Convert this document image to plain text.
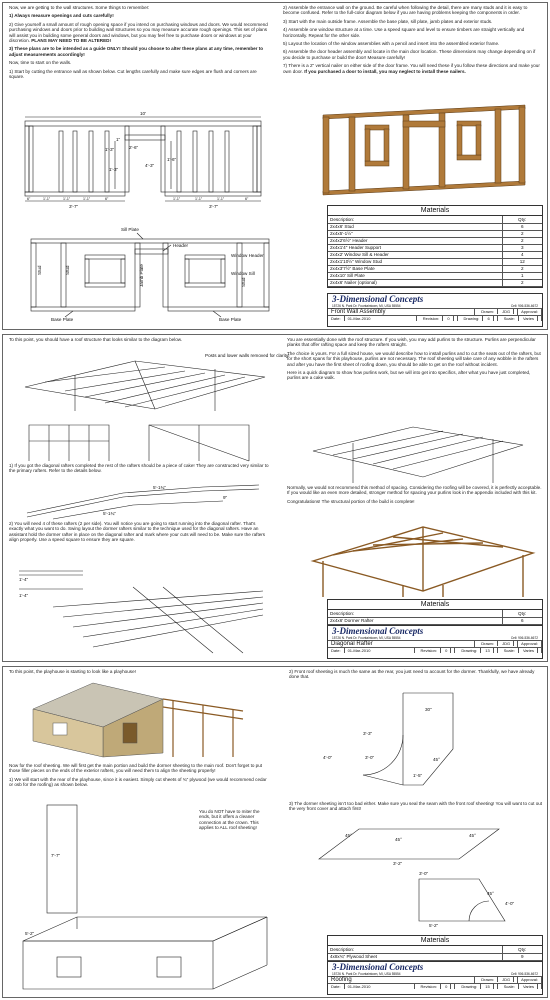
Now, we are getting to the wall structures. Some things to remember:

1) Always measure openings and cuts carefully!

2) Give yourself a small amount of rough opening space if you intend on purchasing windows and doors. We would recommend purchasing windows and doors prior to building wall structures so you may measure accurate rough openings. This set of plans will assist you in building some general doors and windows, but you may feel free to purchase doors or windows at your discretion. PLANS MAY NEED TO BE ALTERED!

3) These plans are to be intended as a guide ONLY! Should you choose to alter these plans at any time, remember to adjust measurements accordingly!

Now, time to start on the walls.

1) Start by cutting the entrance wall as shown below. Cut lengths carefully and make sure edges are flush and corners are square.

10'
1'-3"	2'-6"
1"
1'-6"
4'-3"
1'-3"
6"	1'-1"	1'-1"	1'-1"	6"
3'-7"
1'-1"	1'-1"	1'-1"	6"
3'-7"
Sill Plate
Header
Window Header
Window Sill
Stud	Stud	Jamb Plate	Stud
Base Plate	Base Plate

2) Assemble the entrance wall on the ground. Be careful when following the detail, there are many studs and it is easy to become confused. Refer to the full-color diagram below if you are having problems keeping the components in order.

3) Start with the main outside frame. Assemble the base plate, sill plate, jamb plates and exterior studs.

4) Assemble one window structure at a time. Use a speed square and level to ensure timbers are straight vertically and horizontally. Repeat for the other side.

5) Layout the location of the window assemblies with a pencil and insert into the assembled exterior frame.

6) Assemble the door header assembly and locate in the main door location. These dimensions may change depending on if you decide to purchase or build the door! Measure carefully!

7) There is a 2" vertical nailer on either side of the door frame. You will need these if you follow these directions and make your own door. If you purchased a door to install, you may neglect to install these nailers.

Materials
Description:	Qty:
2x4x6' Stud	6
2x4x5'-1½"	2
2x4x2'6½" Header	2
2x4x1'4" Header Support	3
2x4x2' Window Sill & Header	4
2x4x1'10½" Window Stud	12
2x4x3'7½" Base Plate	2
2x4x10' Sill Plate	1
2x4x6' Nailer (optional)	2
3-Dimensional Concepts
15726 N. Park Dr. Fountaintown, MI, USA 55554	Cell: 906-536-6672
Front Wall Assembly	Drawn: JDG	Approval:
Date:	01-Mar-2010	Revision: 0	Drawing: 6	Scale: Varies

To this point, you should have a roof structure that looks similar to the diagram below.

Posts and lower walls removed for clarity!

1) If you got the diagonal rafters completed the rest of the rafters should be a piece of cake! They are constructed very similar to the primary rafters. Refer to the details below.

5'-1¾"
9"
5'-1¾"

2) You will need 4 of these rafters (2 per side). You will notice you are going to start running into the diagonal rafter. That's exactly what you want to do. Swing layout the dormer rafters similar to the technique used for the diagonal rafters. Have an assistant hold the dormer rafter in place on the diagonal rafter and mark where your cuts will need to be. Make sure the rafters align properly. Use a speed square to ensure they are square.

1'-4"
1'-4"

You are essentially done with the roof structure. If you wish, you may add purlins to the structure. Purlins are perpendicular planks that offer rafting space and keep the rafters straight.

The choice is yours. For a full sized house, we would describe how to install purlins and to cut the seats out of the rafters, but for the short spans for this playhouse, purlins are not necessary. The roof sheeting will take care of any wobble in the rafters and after you have the first sheet of roofing down, you should be able to get on the roof without incident.

Here is a quick diagram to show how purlins work, but we will into get into specifics, after what you have just completed, purlins are a cake walk.

Normally, we would not recommend this method of spacing. Considering the roofing will be covered, it is perfectly acceptable. If you would like an even more detailed, stronger method for spacing your purlins look in the appendix included with this kit.

Congratulations! The structural portion of the build is complete!

Materials
Description:	Qty:
2x4x6' Dormer Rafter	6
3-Dimensional Concepts
15726 N. Park Dr. Fountaintown, MI, USA 55554	Cell: 906-536-6672
Diagonal Rafter	Drawn: JDG	Approval:
Date:	01-Mar-2010	Revision: 0	Drawing: 13	Scale: Varies

To this point, the playhouse is starting to look like a playhouse!

Now for the roof sheeting. We will first get the main portion and build the dormer sheeting to the main roof. Don't forget to put those filler pieces on the ends of the exterior rafters, you will need them to align the sheeting properly!

1) We will start with the rear of the playhouse, since it is easiest. Simply cut sheets of ¾" plywood (we would recommend cedar or osb for the roofing) as shown below.

7'-7"
You do NOT have to miter the ends, but it offers a cleaner connection at the crown. This applies to ALL roof sheeting!
5'-2"

2) Front roof sheeting is much the same as the rear, you just need to account for the dormer. Thankfully, we have already done that.

30"
3'-3"
45°
3'-0"
4'-0"
1'-5"

3) The dormer sheeting isn't too bad either. Make sure you seal the seam with the front roof sheeting! You will want to cut out the very front cover and attach first!

45°
45°	45°
3'-2"
3'-0"
4'-0"
45°
5'-2"
Materials
Description:	Qty:
4x8x¾" Plywood Sheet	9
3-Dimensional Concepts
15726 N. Park Dr. Fountaintown, MI, USA 55554	Cell: 906-536-6672
Roofing	Drawn: JDG	Approval:
Date:	01-Mar-2010	Revision: 0	Drawing: 15	Scale: Varies
